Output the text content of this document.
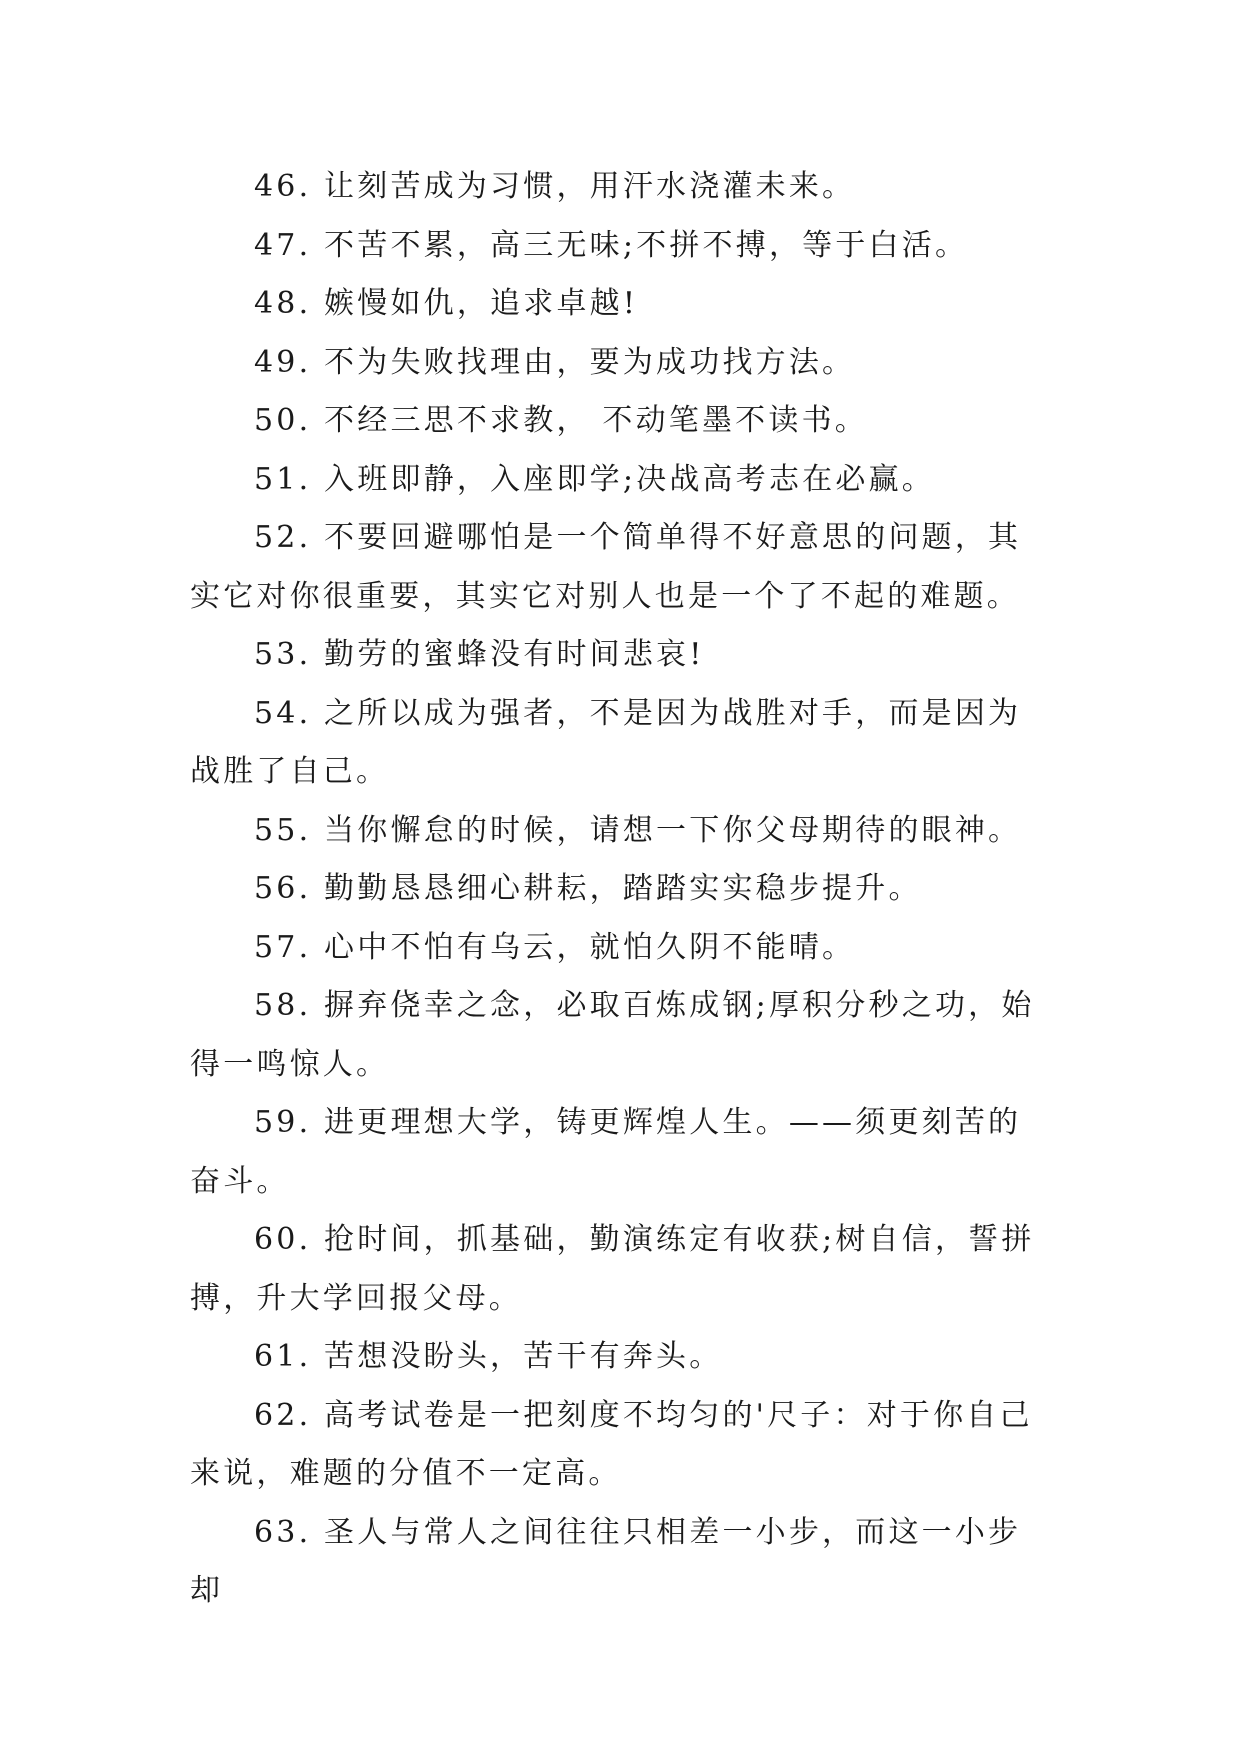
46. 让刻苦成为习惯，用汗水浇灌未来。

47. 不苦不累，高三无味;不拼不搏，等于白活。

48. 嫉慢如仇，追求卓越!

49. 不为失败找理由，要为成功找方法。

50. 不经三思不求教， 不动笔墨不读书。

51. 入班即静，入座即学;决战高考志在必赢。

52. 不要回避哪怕是一个简单得不好意思的问题，其实它对你很重要，其实它对别人也是一个了不起的难题。

53. 勤劳的蜜蜂没有时间悲哀!

54. 之所以成为强者，不是因为战胜对手，而是因为战胜了自己。

55. 当你懈怠的时候，请想一下你父母期待的眼神。

56. 勤勤恳恳细心耕耘，踏踏实实稳步提升。

57. 心中不怕有乌云，就怕久阴不能晴。

58. 摒弃侥幸之念，必取百炼成钢;厚积分秒之功，始得一鸣惊人。

59. 进更理想大学，铸更辉煌人生。——须更刻苦的奋斗。

60. 抢时间，抓基础，勤演练定有收获;树自信，誓拼搏，升大学回报父母。

61. 苦想没盼头，苦干有奔头。

62. 高考试卷是一把刻度不均匀的'尺子：对于你自己来说，难题的分值不一定高。

63. 圣人与常人之间往往只相差一小步，而这一小步却
